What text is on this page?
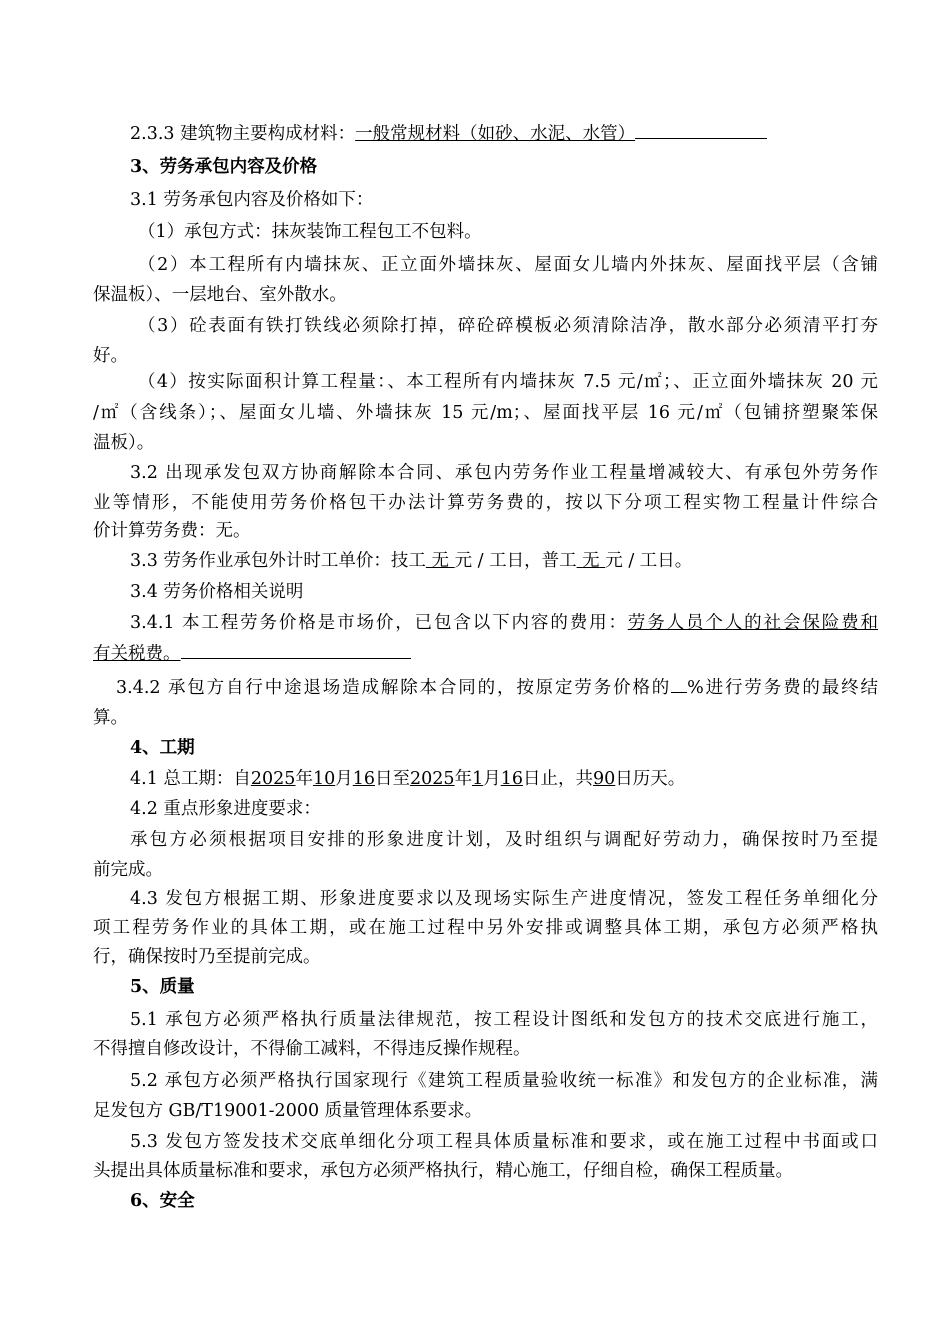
2.3.3 建筑物主要构成材料：一般常规材料（如砂、水泥、水管）
3、劳务承包内容及价格
3.1 劳务承包内容及价格如下：
（1）承包方式：抹灰装饰工程包工不包料。
（2）本工程所有内墙抹灰、正立面外墙抹灰、屋面女儿墙内外抹灰、屋面找平层（含铺
保温板）、一层地台、室外散水。
（3）砼表面有铁打铁线必须除打掉，碎砼碎模板必须清除洁净，散水部分必须清平打夯
好。
（4）按实际面积计算工程量：、本工程所有内墙抹灰 7.5 元/㎡；、正立面外墙抹灰 20 元
/㎡（含线条）；、屋面女儿墙、外墙抹灰 15 元/m；、屋面找平层 16 元/㎡（包铺挤塑聚笨保
温板）。
3.2 出现承发包双方协商解除本合同、承包内劳务作业工程量增减较大、有承包外劳务作
业等情形，不能使用劳务价格包干办法计算劳务费的，按以下分项工程实物工程量计件综合
价计算劳务费：无。
3.3 劳务作业承包外计时工单价：技工 无 元 / 工日，普工 无 元 / 工日。
3.4 劳务价格相关说明
3.4.1 本工程劳务价格是市场价，已包含以下内容的费用：劳务人员个人的社会保险费和
有关税费。
3.4.2 承包方自行中途退场造成解除本合同的，按原定劳务价格的 %进行劳务费的最终结
算。
4、工期
4.1 总工期：自2025年10月16日至2025年1月16日止，共90日历天。
4.2 重点形象进度要求：
承包方必须根据项目安排的形象进度计划，及时组织与调配好劳动力，确保按时乃至提
前完成。
4.3 发包方根据工期、形象进度要求以及现场实际生产进度情况，签发工程任务单细化分
项工程劳务作业的具体工期，或在施工过程中另外安排或调整具体工期，承包方必须严格执
行，确保按时乃至提前完成。
5、质量
5.1 承包方必须严格执行质量法律规范，按工程设计图纸和发包方的技术交底进行施工，
不得擅自修改设计，不得偷工减料，不得违反操作规程。
5.2 承包方必须严格执行国家现行《建筑工程质量验收统一标准》和发包方的企业标准，满
足发包方 GB/T19001-2000 质量管理体系要求。
5.3 发包方签发技术交底单细化分项工程具体质量标准和要求，或在施工过程中书面或口
头提出具体质量标准和要求，承包方必须严格执行，精心施工，仔细自检，确保工程质量。
6、安全
